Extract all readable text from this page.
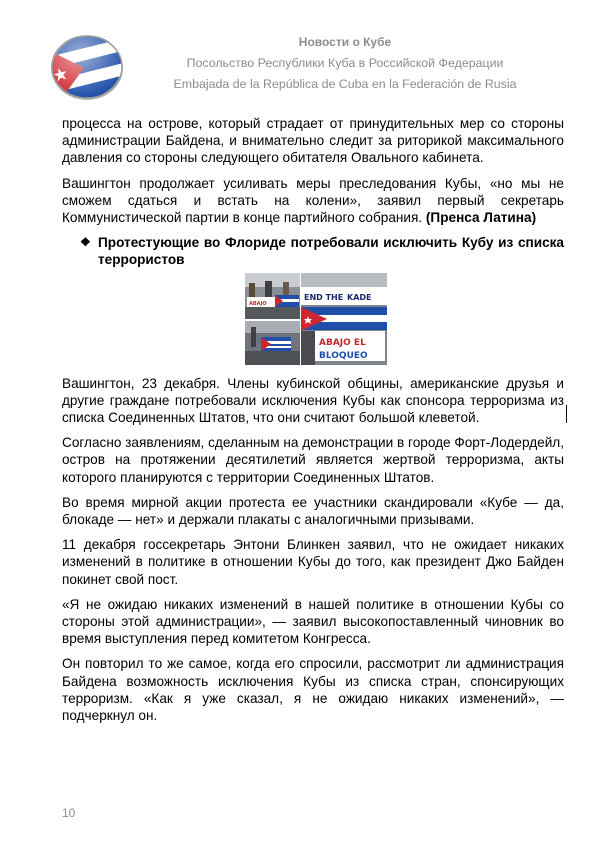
Новости о Кубе
Посольство Республики Куба в Российской Федерации
Embajada de la República de Cuba en la Federación de Rusia

процесса на острове, который страдает от принудительных мер со стороны администрации Байдена, и внимательно следит за риторикой максимального давления со стороны следующего обитателя Овального кабинета.

Вашингтон продолжает усиливать меры преследования Кубы, «но мы не сможем сдаться и встать на колени», заявил первый секретарь Коммунистической партии в конце партийного собрания. (Пренса Латина)

❖ Протестующие во Флориде потребовали исключить Кубу из списка террористов
ABAJO
END THE KADE
ABAJO EL
BLOQUEO

Вашингтон, 23 декабря. Члены кубинской общины, американские друзья и другие граждане потребовали исключения Кубы как спонсора терроризма из списка Соединенных Штатов, что они считают большой клеветой.

Согласно заявлениям, сделанным на демонстрации в городе Форт-Лодердейл, остров на протяжении десятилетий является жертвой терроризма, акты которого планируются с территории Соединенных Штатов.

Во время мирной акции протеста ее участники скандировали «Кубе — да, блокаде — нет» и держали плакаты с аналогичными призывами.

11 декабря госсекретарь Энтони Блинкен заявил, что не ожидает никаких изменений в политике в отношении Кубы до того, как президент Джо Байден покинет свой пост.

«Я не ожидаю никаких изменений в нашей политике в отношении Кубы со стороны этой администрации», — заявил высокопоставленный чиновник во время выступления перед комитетом Конгресса.

Он повторил то же самое, когда его спросили, рассмотрит ли администрация Байдена возможность исключения Кубы из списка стран, спонсирующих терроризм. «Как я уже сказал, я не ожидаю никаких изменений», — подчеркнул он.

10
